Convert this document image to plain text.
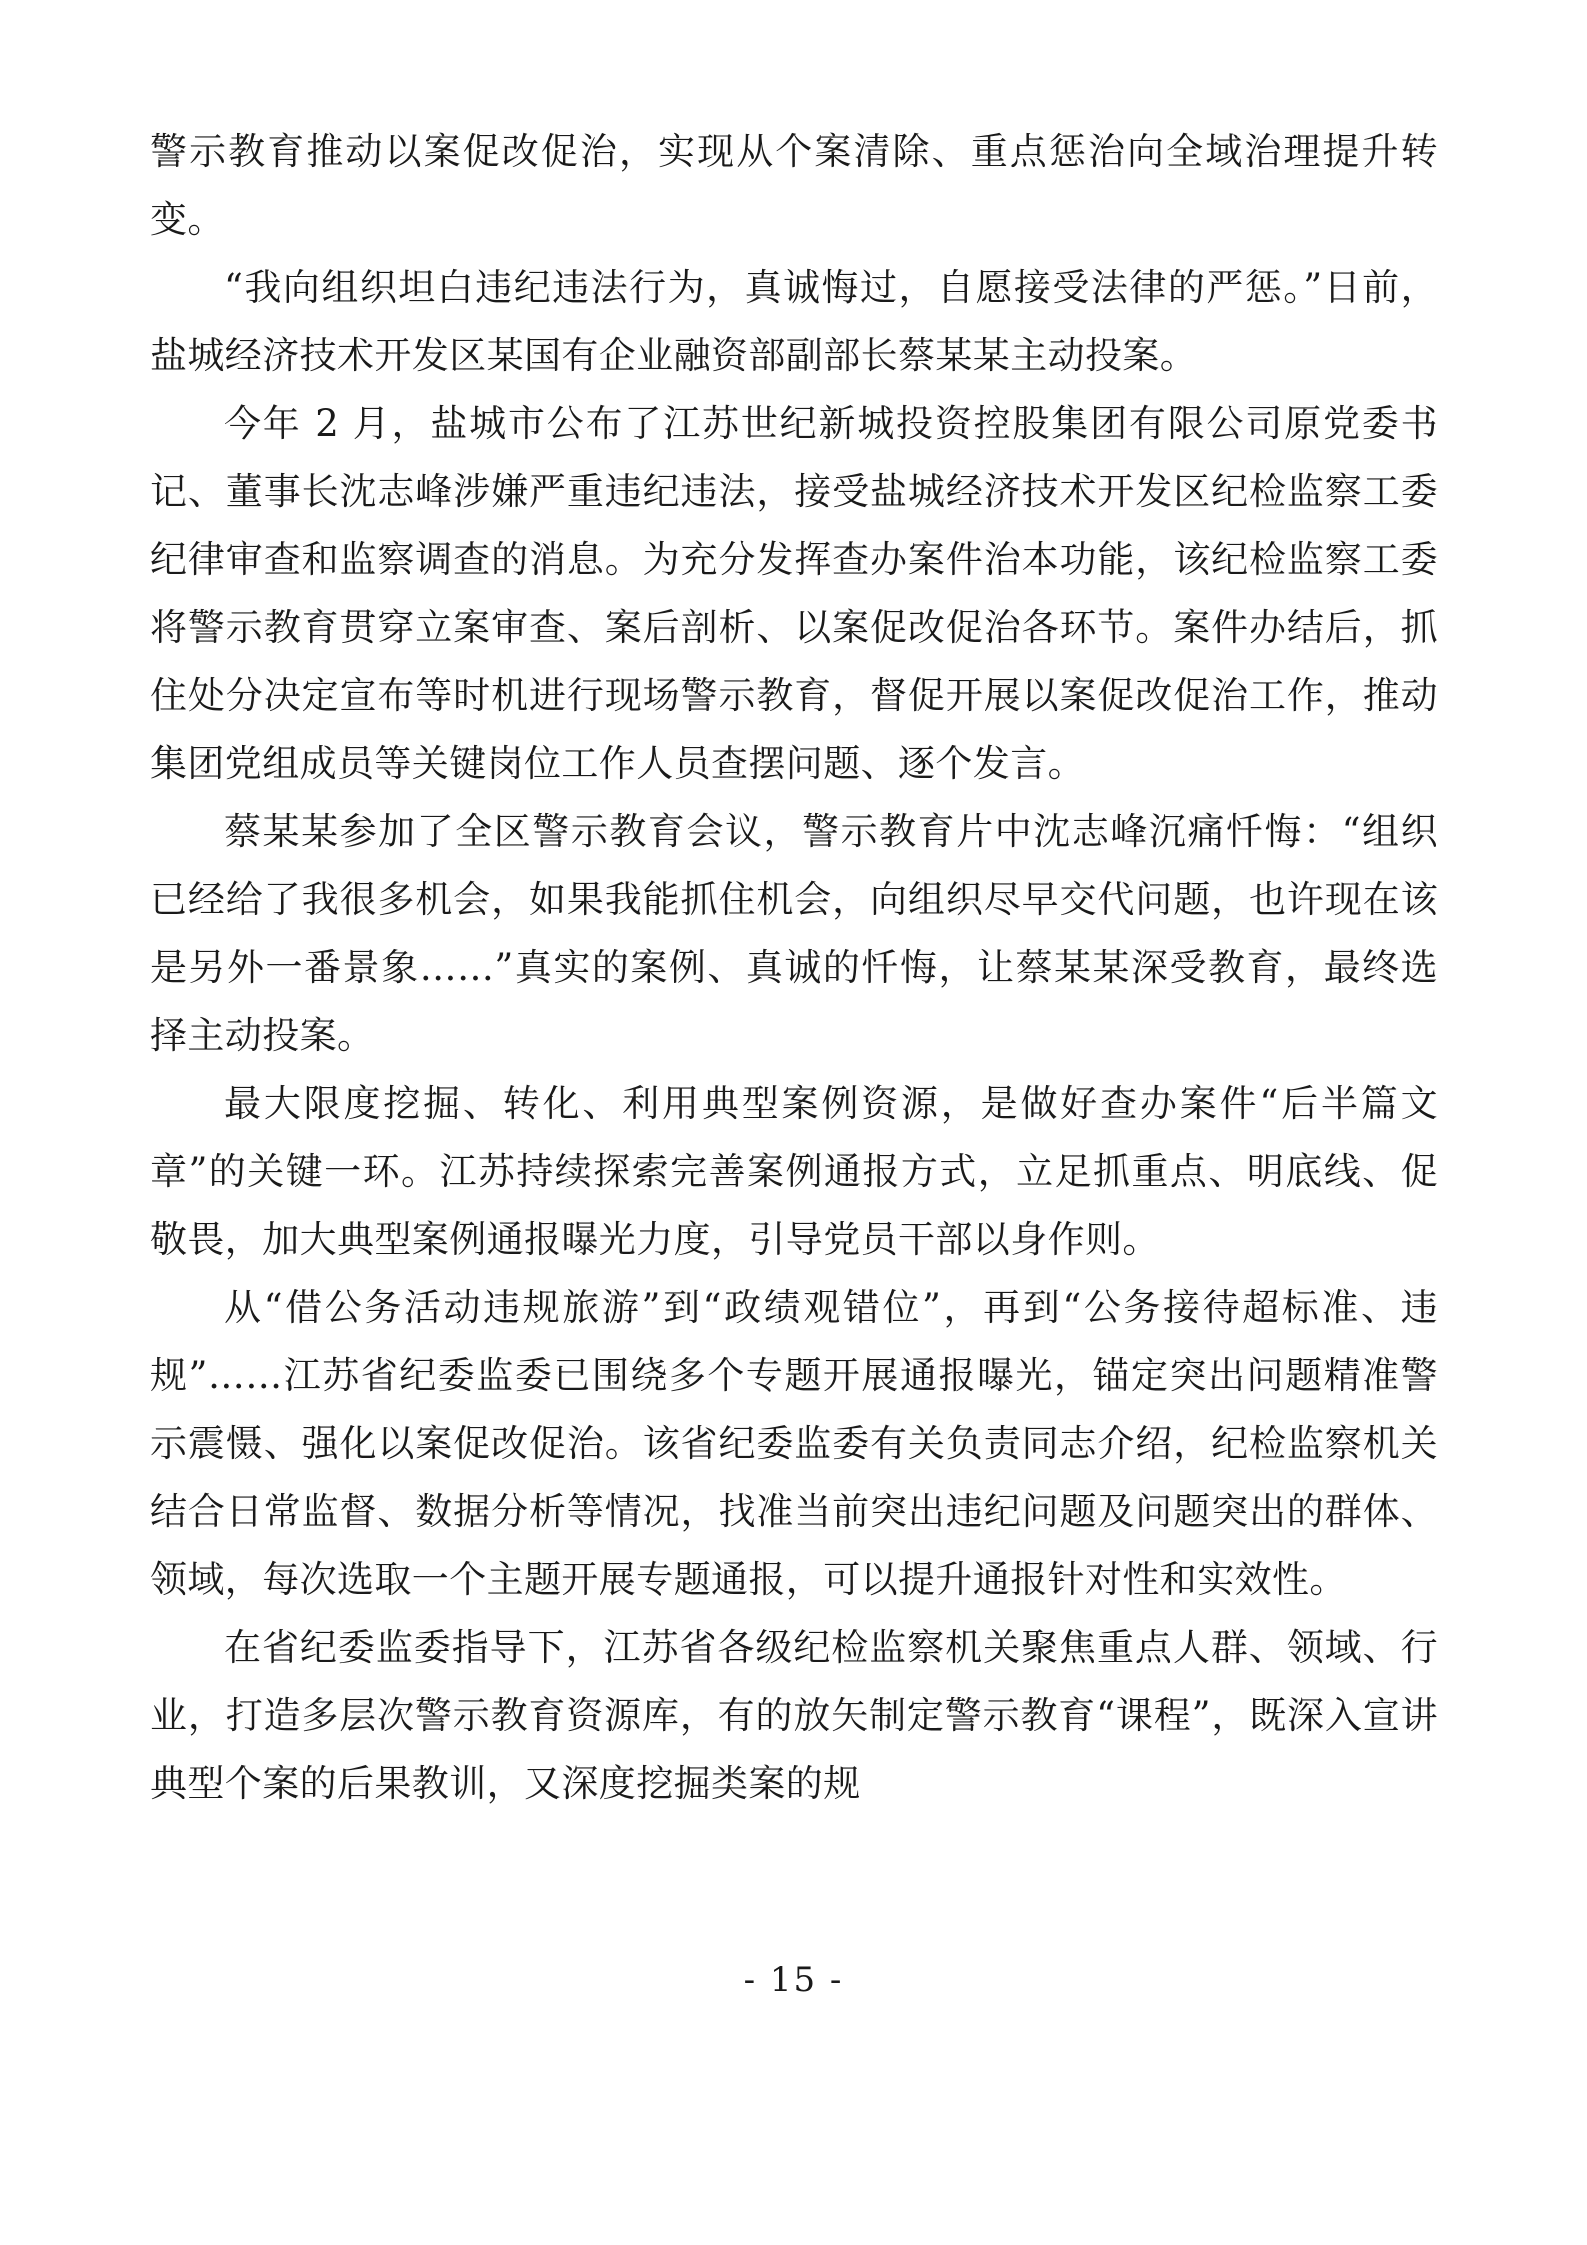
警示教育推动以案促改促治，实现从个案清除、重点惩治向全域治理提升转变。

“我向组织坦白违纪违法行为，真诚悔过，自愿接受法律的严惩。”日前，盐城经济技术开发区某国有企业融资部副部长蔡某某主动投案。

今年 2 月，盐城市公布了江苏世纪新城投资控股集团有限公司原党委书记、董事长沈志峰涉嫌严重违纪违法，接受盐城经济技术开发区纪检监察工委纪律审查和监察调查的消息。为充分发挥查办案件治本功能，该纪检监察工委将警示教育贯穿立案审查、案后剖析、以案促改促治各环节。案件办结后，抓住处分决定宣布等时机进行现场警示教育，督促开展以案促改促治工作，推动集团党组成员等关键岗位工作人员查摆问题、逐个发言。

蔡某某参加了全区警示教育会议，警示教育片中沈志峰沉痛忏悔：“组织已经给了我很多机会，如果我能抓住机会，向组织尽早交代问题，也许现在该是另外一番景象……”真实的案例、真诚的忏悔，让蔡某某深受教育，最终选择主动投案。

最大限度挖掘、转化、利用典型案例资源，是做好查办案件“后半篇文章”的关键一环。江苏持续探索完善案例通报方式，立足抓重点、明底线、促敬畏，加大典型案例通报曝光力度，引导党员干部以身作则。

从“借公务活动违规旅游”到“政绩观错位”，再到“公务接待超标准、违规”……江苏省纪委监委已围绕多个专题开展通报曝光，锚定突出问题精准警示震慑、强化以案促改促治。该省纪委监委有关负责同志介绍，纪检监察机关结合日常监督、数据分析等情况，找准当前突出违纪问题及问题突出的群体、领域，每次选取一个主题开展专题通报，可以提升通报针对性和实效性。

在省纪委监委指导下，江苏省各级纪检监察机关聚焦重点人群、领域、行业，打造多层次警示教育资源库，有的放矢制定警示教育“课程”，既深入宣讲典型个案的后果教训，又深度挖掘类案的规

- 15 -
